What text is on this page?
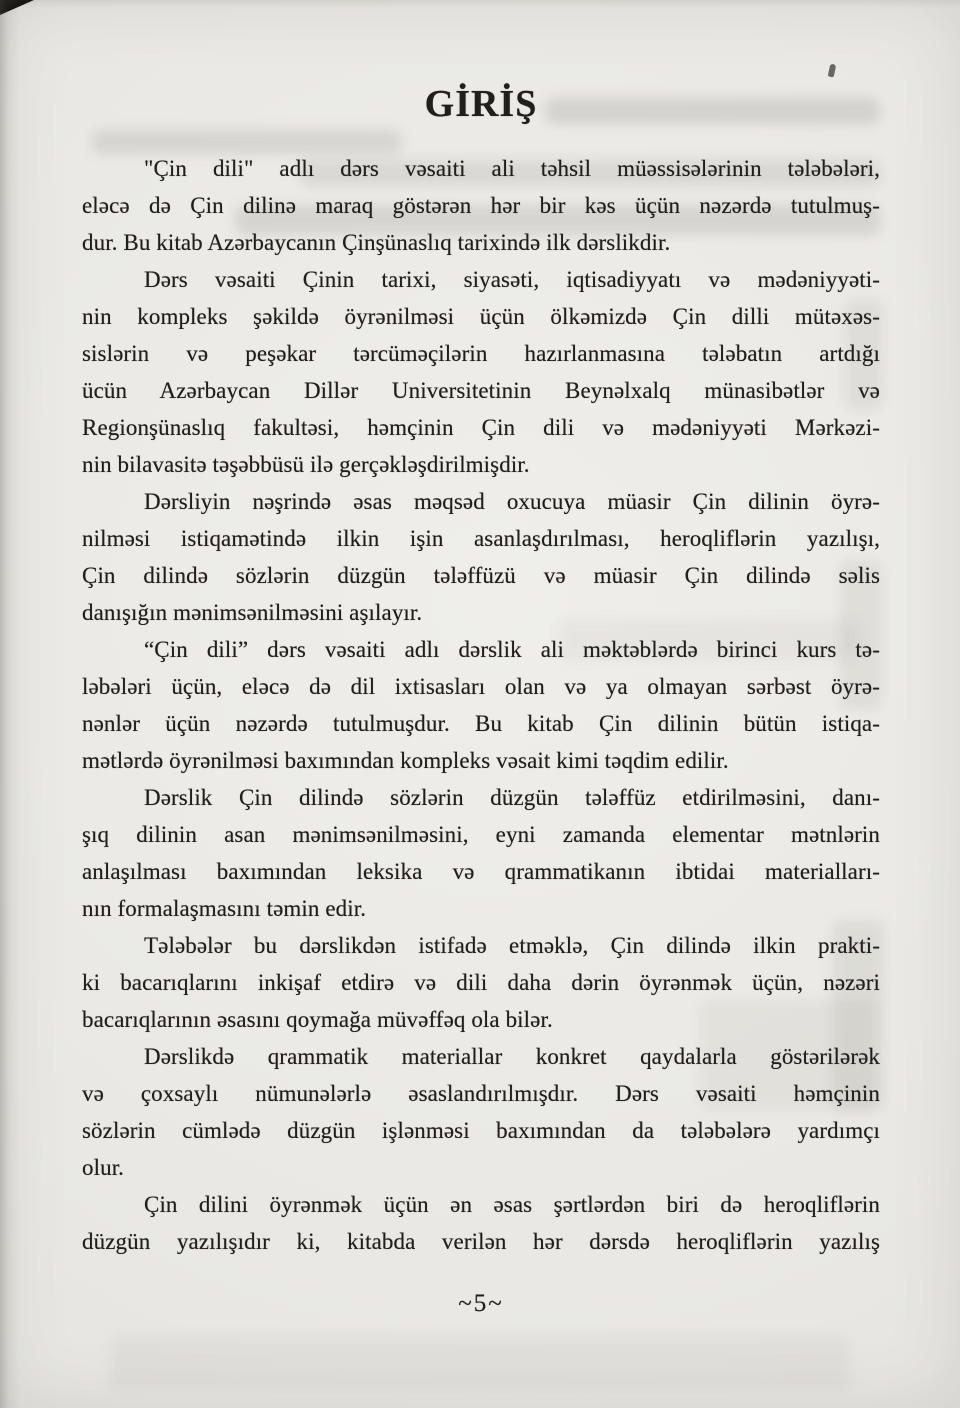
GİRİŞ
"Çin dili" adlı dərs vəsaiti ali təhsil müəssisələrinin tələbələri,
eləcə də Çin dilinə maraq göstərən hər bir kəs üçün nəzərdə tutulmuş-
dur. Bu kitab Azərbaycanın Çinşünaslıq tarixində ilk dərslikdir.
Dərs vəsaiti Çinin tarixi, siyasəti, iqtisadiyyatı və mədəniyyəti-
nin kompleks şəkildə öyrənilməsi üçün ölkəmizdə Çin dilli mütəxəs-
sislərin və peşəkar tərcüməçilərin hazırlanmasına tələbatın artdığı
ücün Azərbaycan Dillər Universitetinin Beynəlxalq münasibətlər və
Regionşünaslıq fakultəsi, həmçinin Çin dili və mədəniyyəti Mərkəzi-
nin bilavasitə təşəbbüsü ilə gerçəkləşdirilmişdir.
Dərsliyin nəşrində əsas məqsəd oxucuya müasir Çin dilinin öyrə-
nilməsi istiqamətində ilkin işin asanlaşdırılması, heroqliflərin yazılışı,
Çin dilində sözlərin düzgün tələffüzü və müasir Çin dilində səlis
danışığın mənimsənilməsini aşılayır.
“Çin dili” dərs vəsaiti adlı dərslik ali məktəblərdə birinci kurs tə-
ləbələri üçün, eləcə də dil ixtisasları olan və ya olmayan sərbəst öyrə-
nənlər üçün nəzərdə tutulmuşdur. Bu kitab Çin dilinin bütün istiqa-
mətlərdə öyrənilməsi baxımından kompleks vəsait kimi təqdim edilir.
Dərslik Çin dilində sözlərin düzgün tələffüz etdirilməsini, danı-
şıq dilinin asan mənimsənilməsini, eyni zamanda elementar mətnlərin
anlaşılması baxımından leksika və qrammatikanın ibtidai materialları-
nın formalaşmasını təmin edir.
Tələbələr bu dərslikdən istifadə etməklə, Çin dilində ilkin prakti-
ki bacarıqlarını inkişaf etdirə və dili daha dərin öyrənmək üçün, nəzəri
bacarıqlarının əsasını qoymağa müvəffəq ola bilər.
Dərslikdə qrammatik materiallar konkret qaydalarla göstərilərək
və çoxsaylı nümunələrlə əsaslandırılmışdır. Dərs vəsaiti həmçinin
sözlərin cümlədə düzgün işlənməsi baxımından da tələbələrə yardımçı
olur.
Çin dilini öyrənmək üçün ən əsas şərtlərdən biri də heroqliflərin
düzgün yazılışıdır ki, kitabda verilən hər dərsdə heroqliflərin yazılış
~5~
